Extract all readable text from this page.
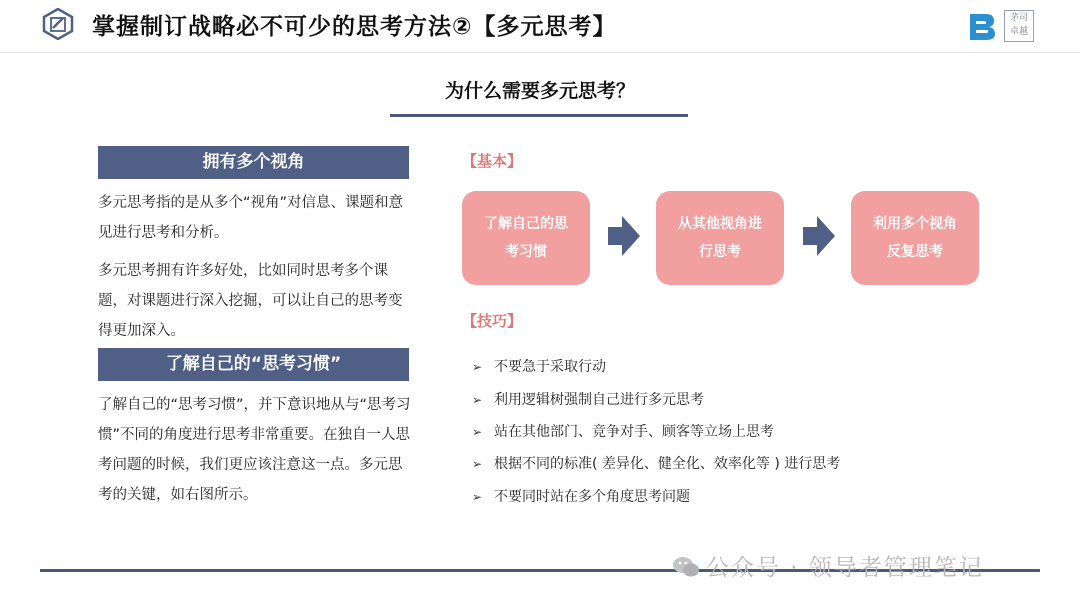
掌握制订战略必不可少的思考方法②【多元思考】	茅司
卓越
为什么需要多元思考？
拥有多个视角
多元思考指的是从多个“视角”对信息、课题和意见进行思考和分析。
多元思考拥有许多好处，比如同时思考多个课题，对课题进行深入挖掘，可以让自己的思考变得更加深入。
了解自己的“思考习惯”
了解自己的“思考习惯”，并下意识地从与“思考习惯”不同的角度进行思考非常重要。在独自一人思考问题的时候，我们更应该注意这一点。多元思考的关键，如右图所示。
【基本】
了解自己的思
考习惯
从其他视角进
行思考
利用多个视角
反复思考
【技巧】
➢ 不要急于采取行动
➢ 利用逻辑树强制自己进行多元思考
➢ 站在其他部门、竞争对手、顾客等立场上思考
➢ 根据不同的标准( 差异化、健全化、效率化等 ) 进行思考
➢ 不要同时站在多个角度思考问题
公众号 · 领导者管理笔记
